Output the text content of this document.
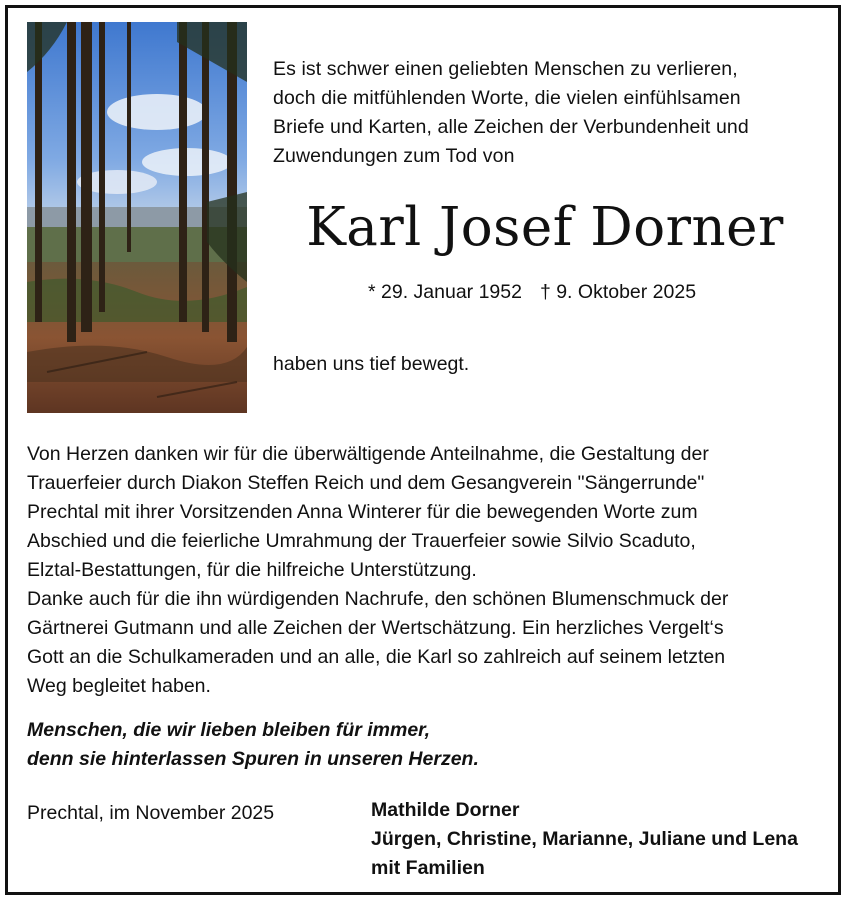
Es ist schwer einen geliebten Menschen zu verlieren,

doch die mitfühlenden Worte, die vielen einfühlsamen

Briefe und Karten, alle Zeichen der Verbundenheit und

Zuwendungen zum Tod von

Karl Josef Dorner
* 29. Januar 1952 † 9. Oktober 2025
haben uns tief bewegt.

Von Herzen danken wir für die überwältigende Anteilnahme, die Gestaltung der

Trauerfeier durch Diakon Steffen Reich und dem Gesangverein "Sängerrunde"

Prechtal mit ihrer Vorsitzenden Anna Winterer für die bewegenden Worte zum

Abschied und die feierliche Umrahmung der Trauerfeier sowie Silvio Scaduto,

Elztal-Bestattungen, für die hilfreiche Unterstützung.

Danke auch für die ihn würdigenden Nachrufe, den schönen Blumenschmuck der

Gärtnerei Gutmann und alle Zeichen der Wertschätzung. Ein herzliches Vergelt‘s

Gott an die Schulkameraden und an alle, die Karl so zahlreich auf seinem letzten

Weg begleitet haben.

Menschen, die wir lieben bleiben für immer,

denn sie hinterlassen Spuren in unseren Herzen.

Prechtal, im November 2025	Mathilde Dorner

Jürgen, Christine, Marianne, Juliane und Lena

mit Familien
